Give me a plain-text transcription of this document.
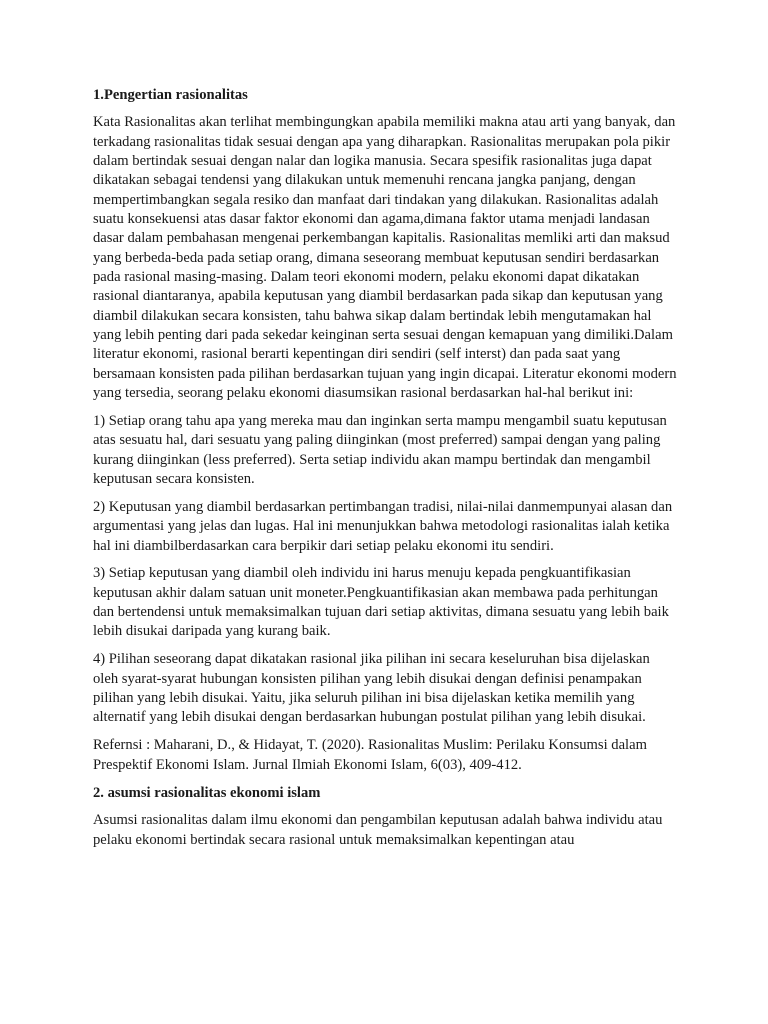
1.Pengertian rasionalitas
Kata Rasionalitas akan terlihat membingungkan apabila memiliki makna atau arti yang banyak, dan terkadang rasionalitas tidak sesuai dengan apa yang diharapkan. Rasionalitas merupakan pola pikir dalam bertindak sesuai dengan nalar dan logika manusia. Secara spesifik rasionalitas juga dapat dikatakan sebagai tendensi yang dilakukan untuk memenuhi rencana jangka panjang, dengan mempertimbangkan segala resiko dan manfaat dari tindakan yang dilakukan. Rasionalitas adalah suatu konsekuensi atas dasar faktor ekonomi dan agama,dimana faktor utama menjadi landasan dasar dalam pembahasan mengenai perkembangan kapitalis. Rasionalitas memliki arti dan maksud yang berbeda-beda pada setiap orang, dimana seseorang membuat keputusan sendiri berdasarkan pada rasional masing-masing. Dalam teori ekonomi modern, pelaku ekonomi dapat dikatakan rasional diantaranya, apabila keputusan yang diambil berdasarkan pada sikap dan keputusan yang diambil dilakukan secara konsisten, tahu bahwa sikap dalam bertindak lebih mengutamakan hal yang lebih penting dari pada sekedar keinginan serta sesuai dengan kemapuan yang dimiliki.Dalam literatur ekonomi, rasional berarti kepentingan diri sendiri (self interst) dan pada saat yang bersamaan konsisten pada pilihan berdasarkan tujuan yang ingin dicapai. Literatur ekonomi modern yang tersedia, seorang pelaku ekonomi diasumsikan rasional berdasarkan hal-hal berikut ini:
1) Setiap orang tahu apa yang mereka mau dan inginkan serta mampu mengambil suatu keputusan atas sesuatu hal, dari sesuatu yang paling diinginkan (most preferred) sampai dengan yang paling kurang diinginkan (less preferred). Serta setiap individu akan mampu bertindak dan mengambil keputusan secara konsisten.
2) Keputusan yang diambil berdasarkan pertimbangan tradisi, nilai-nilai danmempunyai alasan dan argumentasi yang jelas dan lugas. Hal ini menunjukkan bahwa metodologi rasionalitas ialah ketika hal ini diambilberdasarkan cara berpikir dari setiap pelaku ekonomi itu sendiri.
3) Setiap keputusan yang diambil oleh individu ini harus menuju kepada pengkuantifikasian keputusan akhir dalam satuan unit moneter.Pengkuantifikasian akan membawa pada perhitungan dan bertendensi untuk memaksimalkan tujuan dari setiap aktivitas, dimana sesuatu yang lebih baik lebih disukai daripada yang kurang baik.
4) Pilihan seseorang dapat dikatakan rasional jika pilihan ini secara keseluruhan bisa dijelaskan oleh syarat-syarat hubungan konsisten pilihan yang lebih disukai dengan definisi penampakan pilihan yang lebih disukai. Yaitu, jika seluruh pilihan ini bisa dijelaskan ketika memilih yang alternatif yang lebih disukai dengan berdasarkan hubungan postulat pilihan yang lebih disukai.
Refernsi : Maharani, D., & Hidayat, T. (2020). Rasionalitas Muslim: Perilaku Konsumsi dalam Prespektif Ekonomi Islam. Jurnal Ilmiah Ekonomi Islam, 6(03), 409-412.
2. asumsi rasionalitas ekonomi islam
Asumsi rasionalitas dalam ilmu ekonomi dan pengambilan keputusan adalah bahwa individu atau pelaku ekonomi bertindak secara rasional untuk memaksimalkan kepentingan atau
